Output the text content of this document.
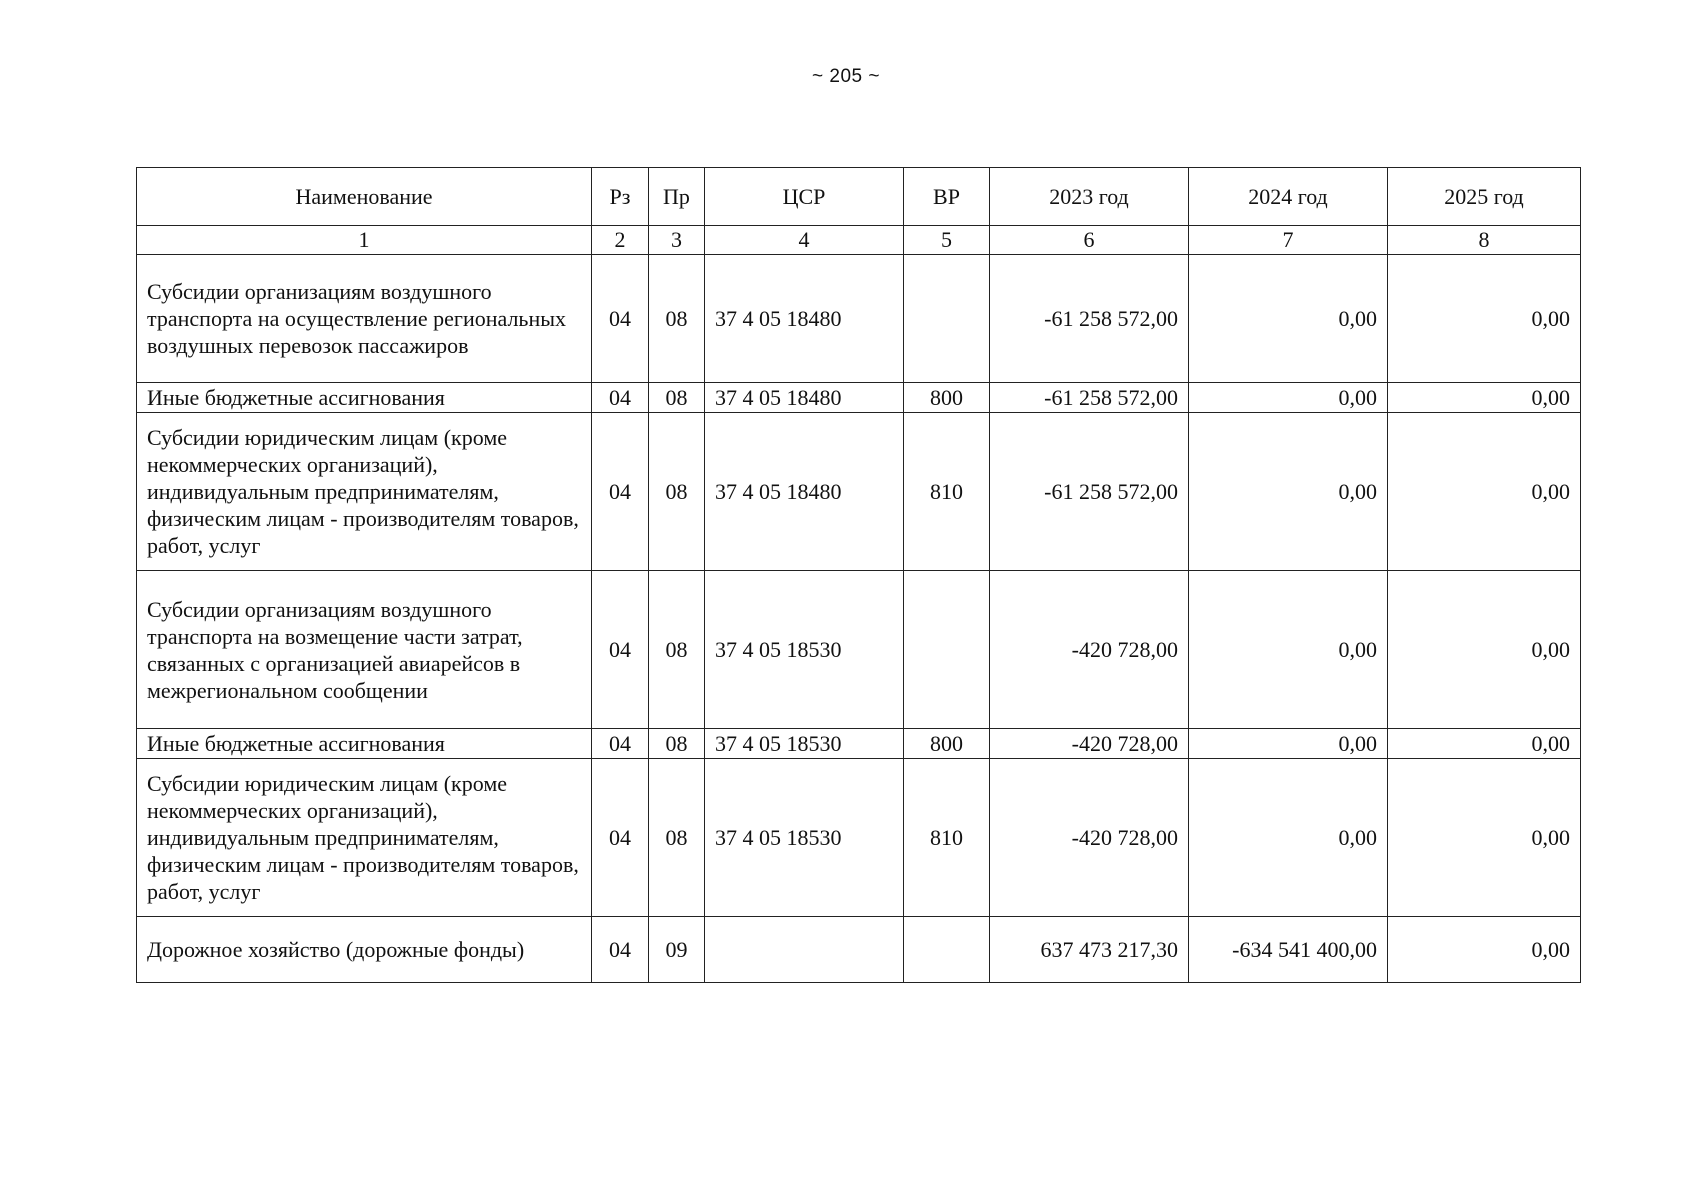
~ 205 ~
Наименование	Рз	Пр	ЦСР	ВР	2023 год	2024 год	2025 год
1	2	3	4	5	6	7	8
Субсидии организациям воздушного транспорта на осуществление региональных воздушных перевозок пассажиров	04	08	37 4 05 18480		-61 258 572,00	0,00	0,00
Иные бюджетные ассигнования	04	08	37 4 05 18480	800	-61 258 572,00	0,00	0,00
Субсидии юридическим лицам (кроме некоммерческих организаций), индивидуальным предпринимателям, физическим лицам - производителям товаров, работ, услуг	04	08	37 4 05 18480	810	-61 258 572,00	0,00	0,00
Субсидии организациям воздушного транспорта на возмещение части затрат, связанных с организацией авиарейсов в межрегиональном сообщении	04	08	37 4 05 18530		-420 728,00	0,00	0,00
Иные бюджетные ассигнования	04	08	37 4 05 18530	800	-420 728,00	0,00	0,00
Субсидии юридическим лицам (кроме некоммерческих организаций), индивидуальным предпринимателям, физическим лицам - производителям товаров, работ, услуг	04	08	37 4 05 18530	810	-420 728,00	0,00	0,00
Дорожное хозяйство (дорожные фонды)	04	09			637 473 217,30	-634 541 400,00	0,00
